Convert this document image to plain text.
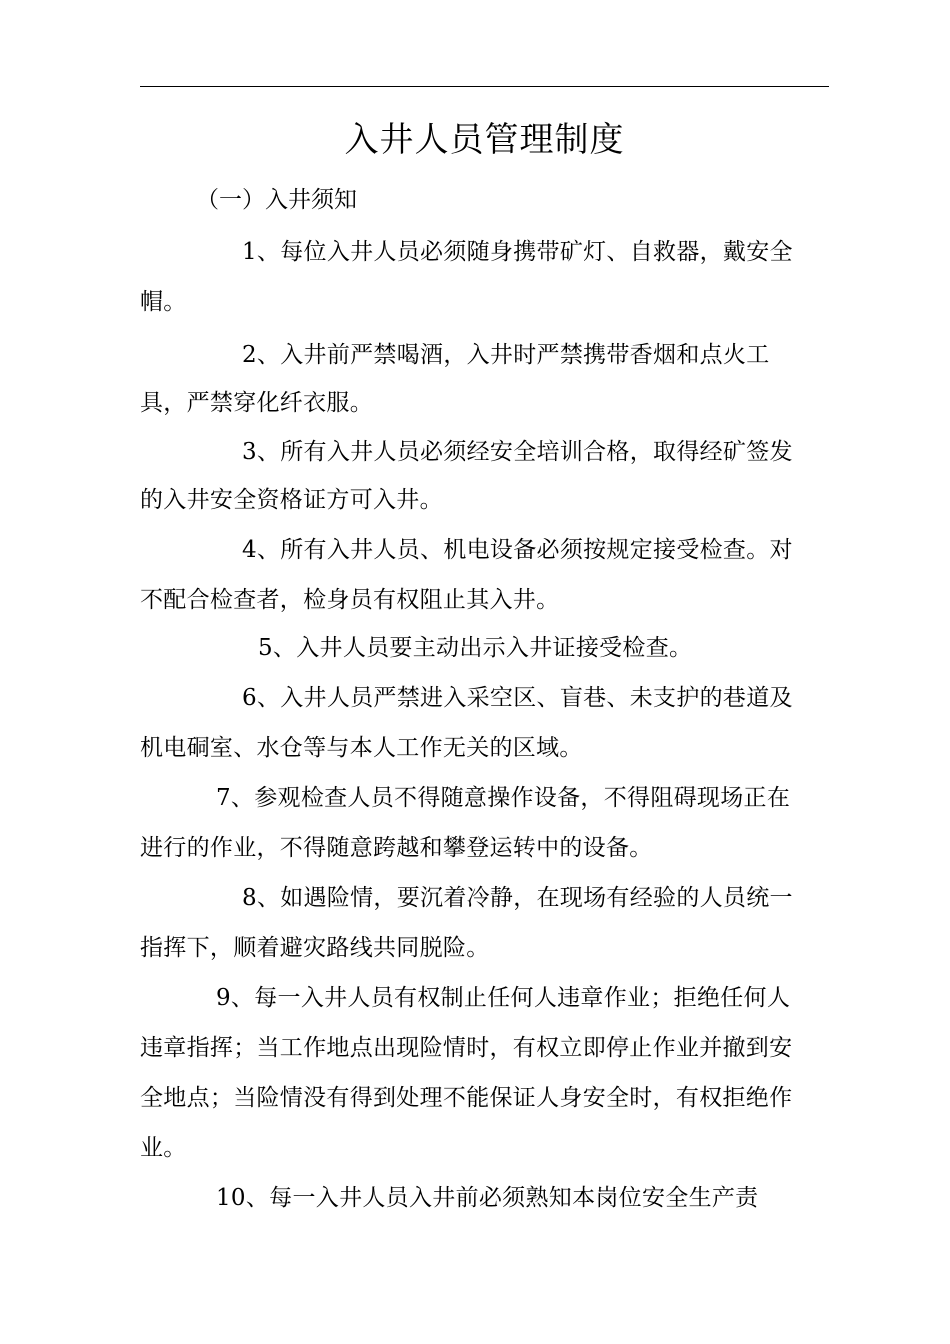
入井人员管理制度
（一）入井须知
1、每位入井人员必须随身携带矿灯、自救器，戴安全
帽。
2、入井前严禁喝酒，入井时严禁携带香烟和点火工
具，严禁穿化纤衣服。
3、所有入井人员必须经安全培训合格，取得经矿签发
的入井安全资格证方可入井。
4、所有入井人员、机电设备必须按规定接受检查。对
不配合检查者，检身员有权阻止其入井。
5、入井人员要主动出示入井证接受检查。
6、入井人员严禁进入采空区、盲巷、未支护的巷道及
机电硐室、水仓等与本人工作无关的区域。
7、参观检查人员不得随意操作设备，不得阻碍现场正在
进行的作业，不得随意跨越和攀登运转中的设备。
8、如遇险情，要沉着冷静，在现场有经验的人员统一
指挥下，顺着避灾路线共同脱险。
9、每一入井人员有权制止任何人违章作业；拒绝任何人
违章指挥；当工作地点出现险情时，有权立即停止作业并撤到安
全地点；当险情没有得到处理不能保证人身安全时，有权拒绝作
业。
10、每一入井人员入井前必须熟知本岗位安全生产责
